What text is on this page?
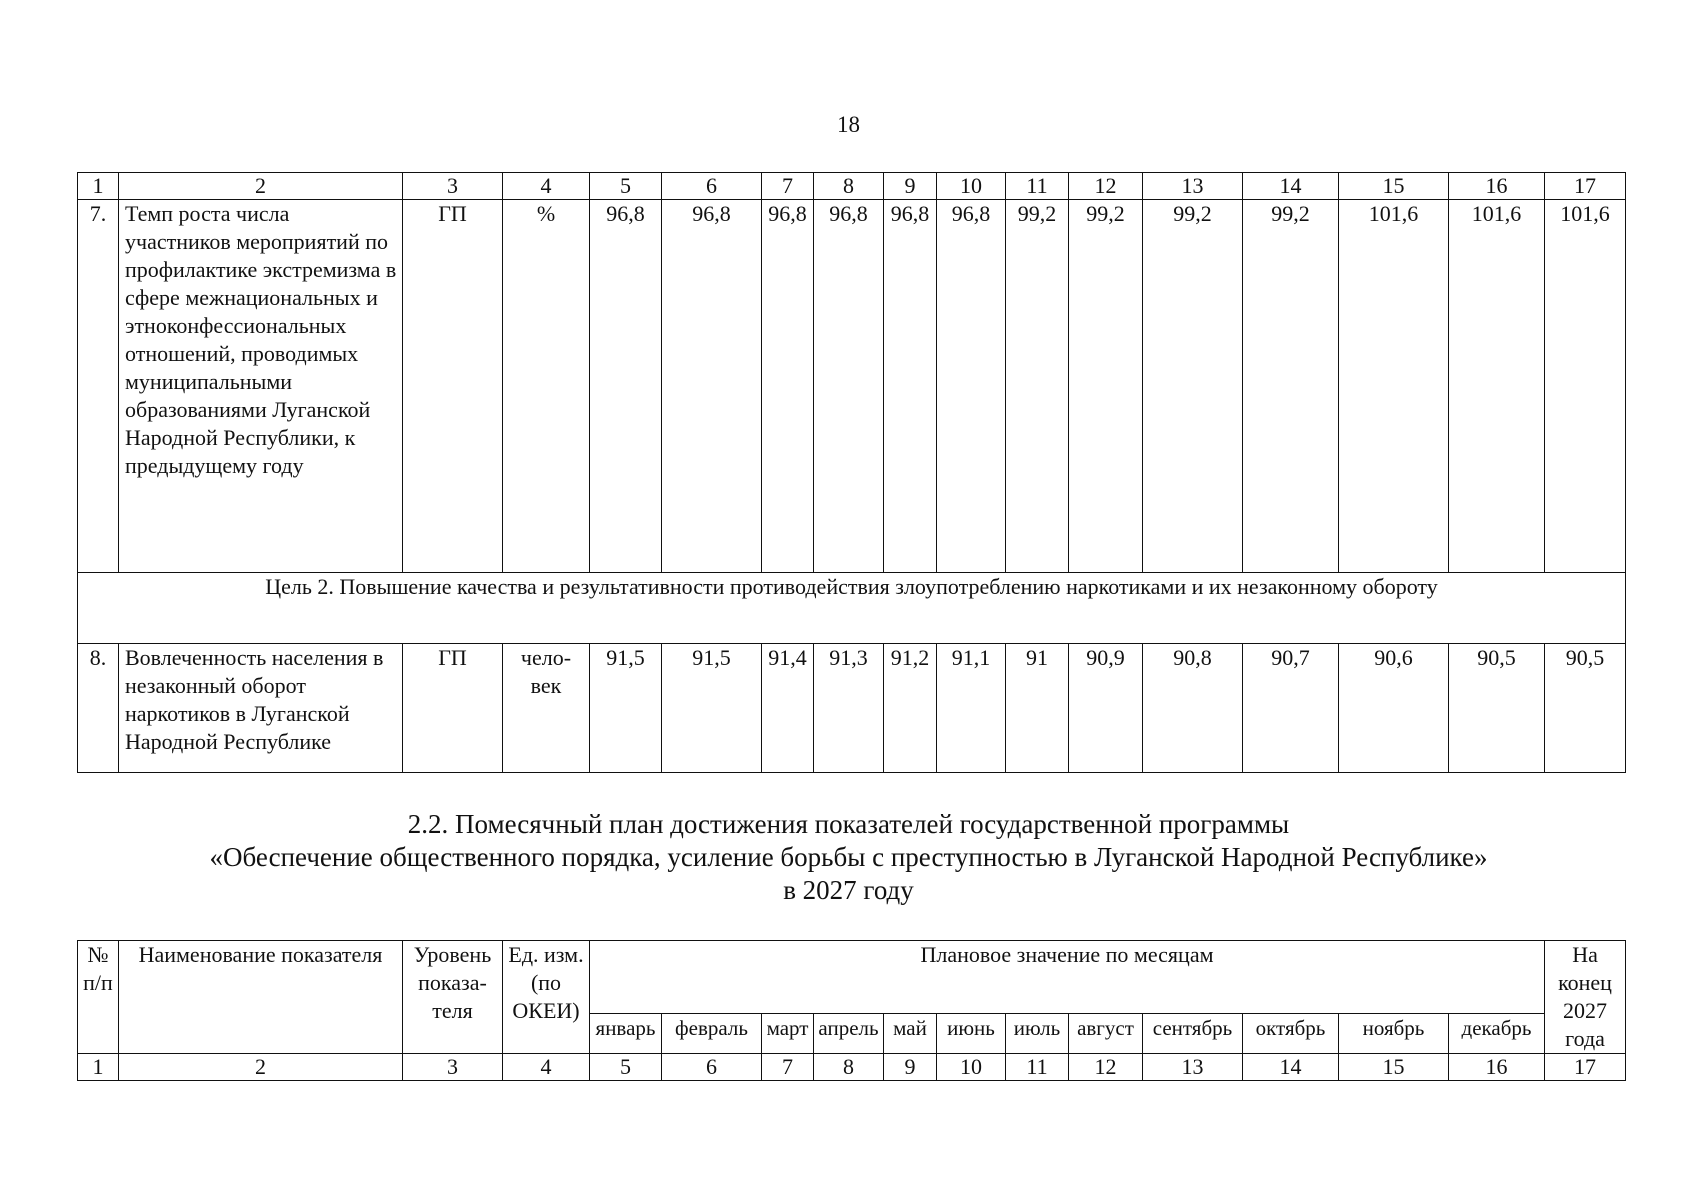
18
1	2	3	4	5	6	7	8	9	10	11	12	13	14	15	16	17
7.	Темп роста числа участников мероприятий по профилактике экстремизма в сфере межнациональных и этноконфессиональных отношений, проводимых муниципальными образованиями Луганской Народной Республики, к предыдущему году	ГП	%	96,8	96,8	96,8	96,8	96,8	96,8	99,2	99,2	99,2	99,2	101,6	101,6	101,6
Цель 2. Повышение качества и результативности противодействия злоупотреблению наркотиками и их незаконному обороту																
8.	Вовлеченность населения в незаконный оборот наркотиков в Луганской Народной Республике	ГП	чело-век	91,5	91,5	91,4	91,3	91,2	91,1	91	90,9	90,8	90,7	90,6	90,5	90,5
2.2. Помесячный план достижения показателей государственной программы
«Обеспечение общественного порядка, усиление борьбы с преступностью в Луганской Народной Республике»
в 2027 году
№ п/п	Наименование показателя	Уровень показа-теля	Ед. изм. (по ОКЕИ)	Плановое значение по месяцам												На конец 2027 года
				январь	февраль	март	апрель	май	июнь	июль	август	сентябрь	октябрь	ноябрь	декабрь	
1	2	3	4	5	6	7	8	9	10	11	12	13	14	15	16	17
